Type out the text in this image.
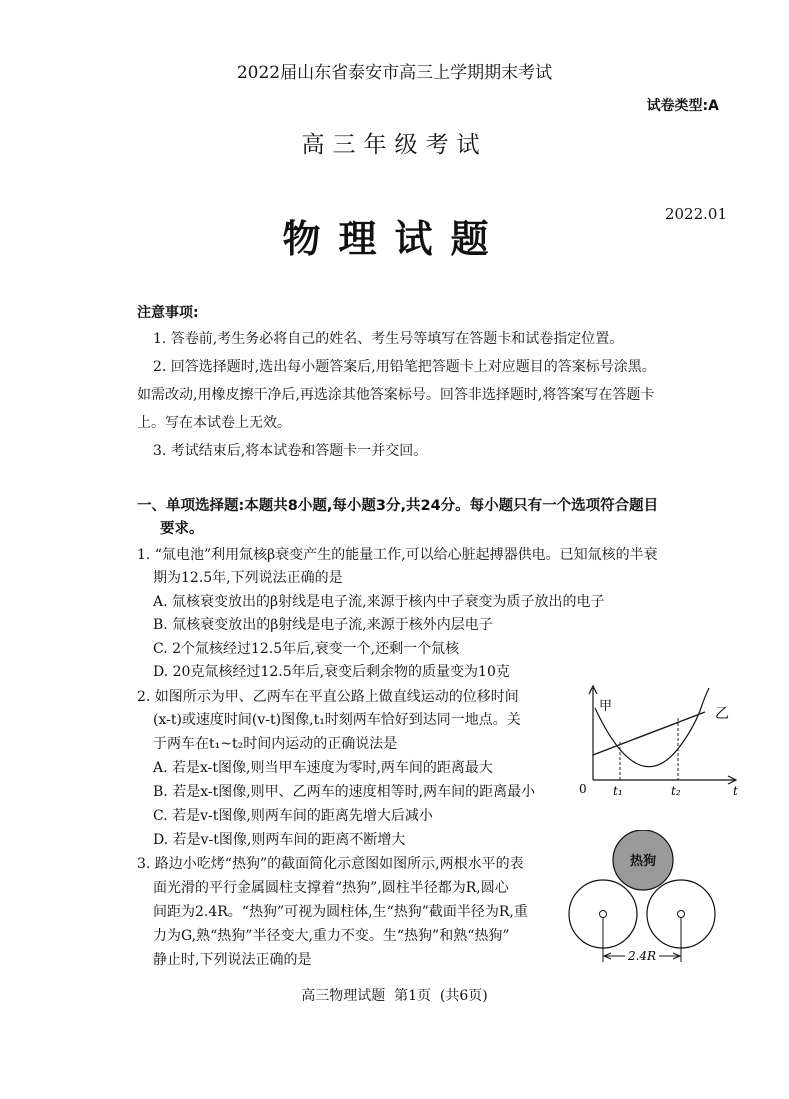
2022届山东省泰安市高三上学期期末考试
试卷类型:A
高三年级考试
物理试题
2022.01
注意事项:
1. 答卷前,考生务必将自己的姓名、考生号等填写在答题卡和试卷指定位置。
2. 回答选择题时,选出每小题答案后,用铅笔把答题卡上对应题目的答案标号涂黑。
如需改动,用橡皮擦干净后,再选涂其他答案标号。回答非选择题时,将答案写在答题卡
上。写在本试卷上无效。
3. 考试结束后,将本试卷和答题卡一并交回。
一、单项选择题:本题共8小题,每小题3分,共24分。每小题只有一个选项符合题目
要求。
1. “氚电池”利用氚核β衰变产生的能量工作,可以给心脏起搏器供电。已知氚核的半衰
期为12.5年,下列说法正确的是
A. 氚核衰变放出的β射线是电子流,来源于核内中子衰变为质子放出的电子
B. 氚核衰变放出的β射线是电子流,来源于核外内层电子
C. 2个氚核经过12.5年后,衰变一个,还剩一个氚核
D. 20克氚核经过12.5年后,衰变后剩余物的质量变为10克
2. 如图所示为甲、乙两车在平直公路上做直线运动的位移时间
(x-t)或速度时间(v-t)图像,t₁时刻两车恰好到达同一地点。关
于两车在t₁~t₂时间内运动的正确说法是
A. 若是x-t图像,则当甲车速度为零时,两车间的距离最大
B. 若是x-t图像,则甲、乙两车的速度相等时,两车间的距离最小
C. 若是v-t图像,则两车间的距离先增大后减小
D. 若是v-t图像,则两车间的距离不断增大
3. 路边小吃烤“热狗”的截面简化示意图如图所示,两根水平的表
面光滑的平行金属圆柱支撑着“热狗”,圆柱半径都为R,圆心
间距为2.4R。“热狗”可视为圆柱体,生“热狗”截面半径为R,重
力为G,熟“热狗”半径变大,重力不变。生“热狗”和熟“热狗”
静止时,下列说法正确的是
甲	乙
0 t₁	t₂	t
热狗
2.4R
高三物理试题  第1页  (共6页)
